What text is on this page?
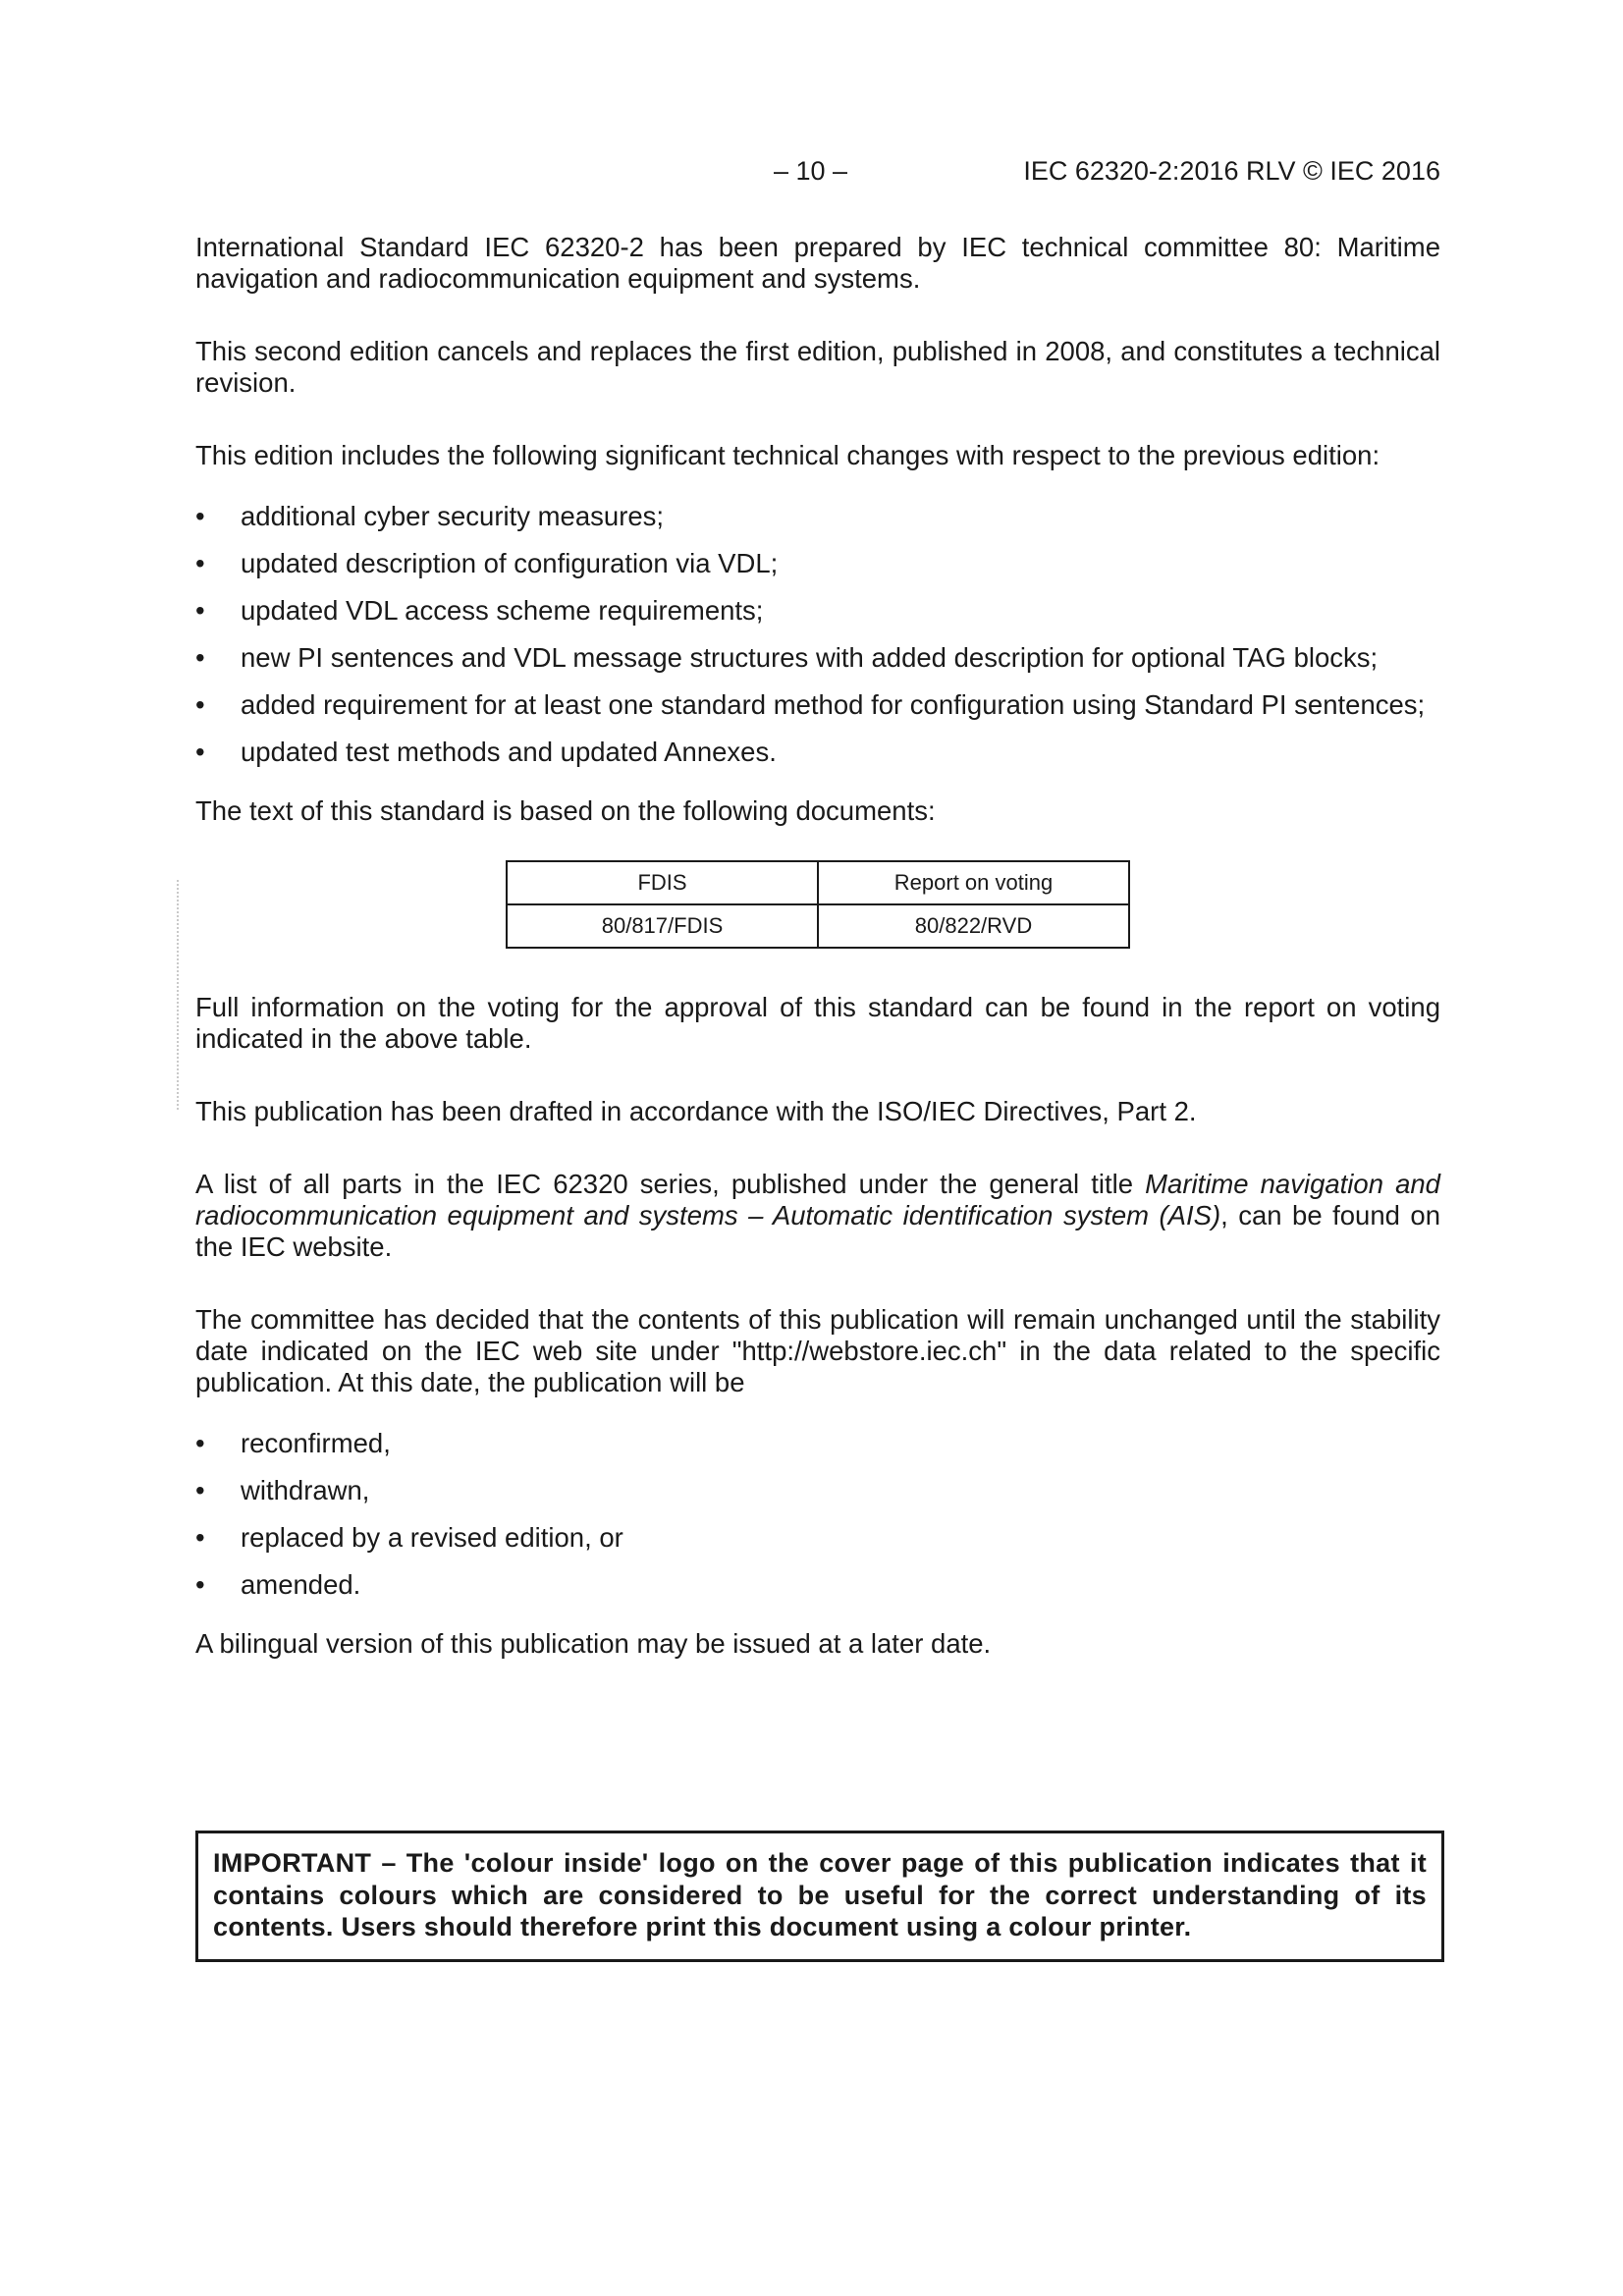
– 10 –	IEC 62320-2:2016 RLV © IEC 2016

International Standard IEC 62320-2 has been prepared by IEC technical committee 80: Maritime navigation and radiocommunication equipment and systems.

This second edition cancels and replaces the first edition, published in 2008, and constitutes a technical revision.

This edition includes the following significant technical changes with respect to the previous edition:

• additional cyber security measures;
• updated description of configuration via VDL;
• updated VDL access scheme requirements;
• new PI sentences and VDL message structures with added description for optional TAG blocks;
• added requirement for at least one standard method for configuration using Standard PI sentences;
• updated test methods and updated Annexes.

The text of this standard is based on the following documents:

FDIS	Report on voting
80/817/FDIS	80/822/RVD

Full information on the voting for the approval of this standard can be found in the report on voting indicated in the above table.

This publication has been drafted in accordance with the ISO/IEC Directives, Part 2.

A list of all parts in the IEC 62320 series, published under the general title Maritime navigation and radiocommunication equipment and systems – Automatic identification system (AIS), can be found on the IEC website.

The committee has decided that the contents of this publication will remain unchanged until the stability date indicated on the IEC web site under "http://webstore.iec.ch" in the data related to the specific publication. At this date, the publication will be

• reconfirmed,
• withdrawn,
• replaced by a revised edition, or
• amended.

A bilingual version of this publication may be issued at a later date.

IMPORTANT – The 'colour inside' logo on the cover page of this publication indicates that it contains colours which are considered to be useful for the correct understanding of its contents. Users should therefore print this document using a colour printer.
